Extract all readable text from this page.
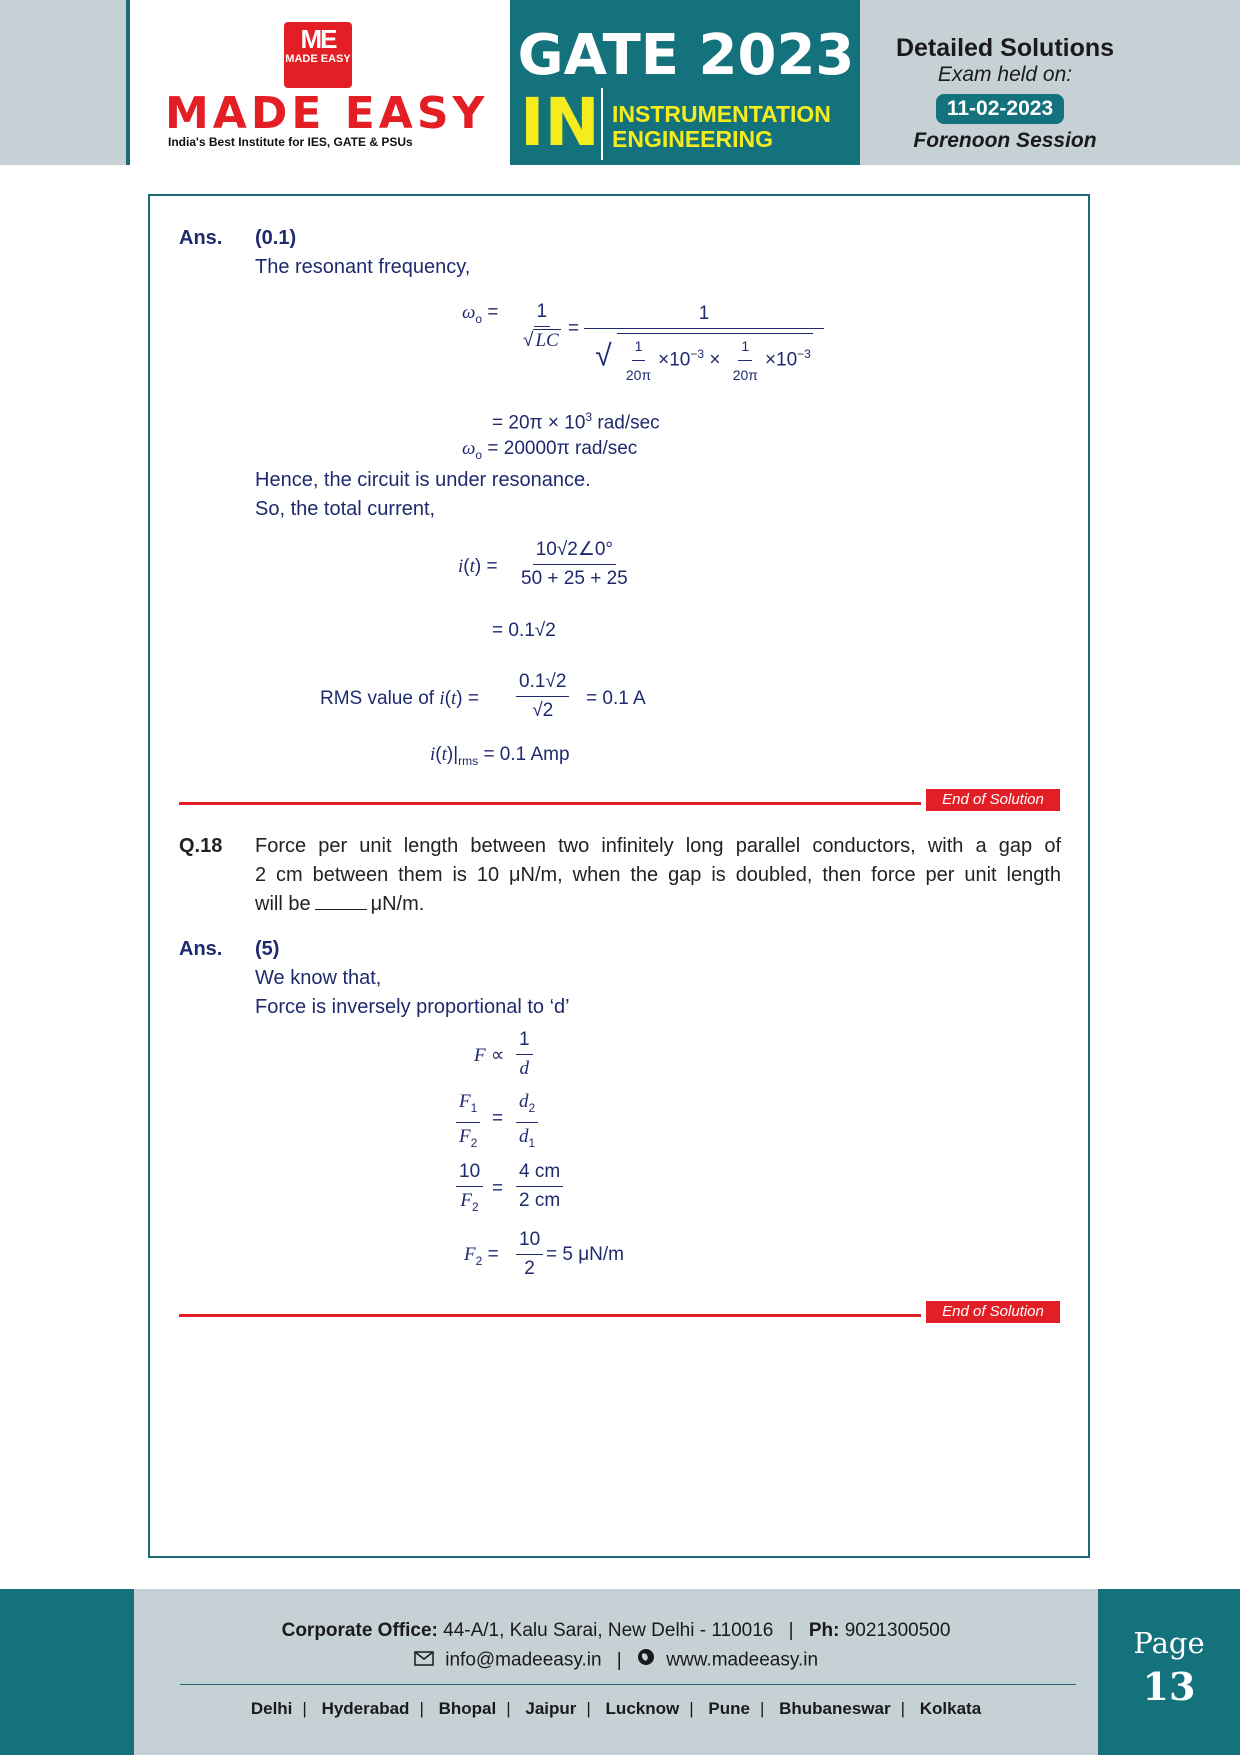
ME
MADE EASY
MADE EASY
India's Best Institute for IES, GATE & PSUs
GATE 2023
IN INSTRUMENTATION
ENGINEERING
Detailed Solutions
Exam held on:
11-02-2023
Forenoon Session
Ans. (0.1)
The resonant frequency,
$\omega_o = \frac{1}{√ LC}$ =
1
√ $\frac{1}{20\pi} \times 10^{-3} \times \frac{1}{20\pi} \times 10^{-3}$
= $20\pi \times 10^3$ rad/sec
$\omega_o = 20000\pi$ rad/sec
Hence, the circuit is under resonance.
So, the total current,
$i(t) = \frac{10√2\angle 0^\circ}{50 + 25 + 25}$
= 0.1√2
RMS value of $i(t) = \frac{0.1√2}{√2} = 0.1$ A
$i(t)|_{rms} = 0.1$ Amp
End of Solution
Q.18 Force per unit length between two infinitely long parallel conductors, with a gap of
2 cm between them is 10 μN/m, when the gap is doubled, then force per unit length
will be	μN/m.
Ans. (5)
We know that,
Force is inversely proportional to ‘d’
$F \propto \frac{1}{d}$
$\frac{F_1}{F_2} = \frac{d_2}{d_1}$
$\frac{10}{F_2} = \frac{4 cm}{2 cm}$
$F_2 = \frac{10}{2} = 5$ μN/m
End of Solution
Corporate Office: 44-A/1, Kalu Sarai, New Delhi - 110016 | Ph: 9021300500
info@madeeasy.in | www.madeeasy.in
Delhi | Hyderabad | Bhopal | Jaipur | Lucknow | Pune | Bhubaneswar | Kolkata
Page
13
